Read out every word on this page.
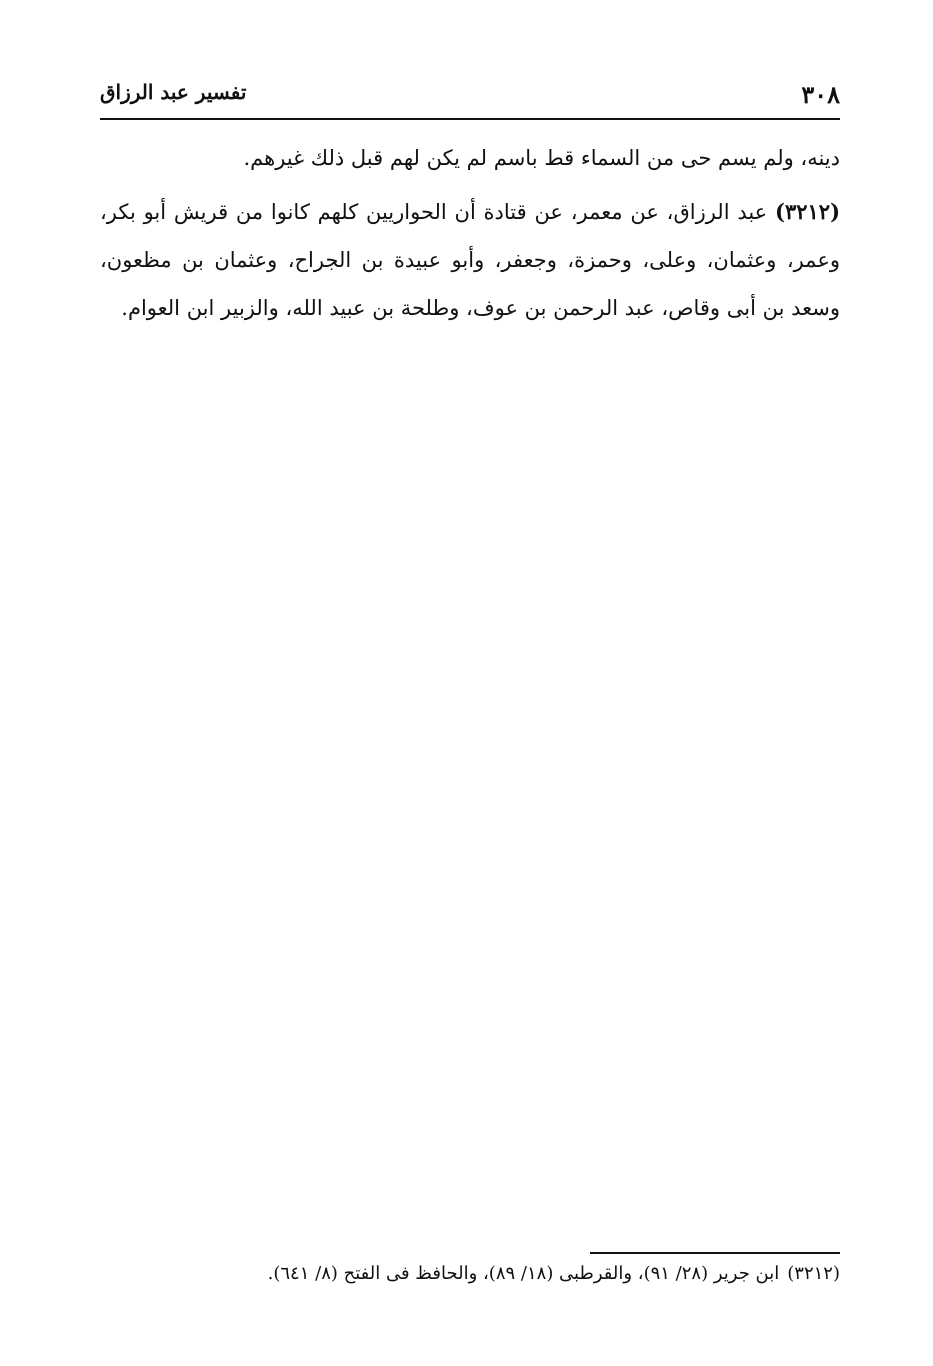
٣٠٨
تفسير عبد الرزاق

دينه، ولم يسم حى من السماء قط باسم لم يكن لهم قبل ذلك غيرهم.

(٣٢١٢) عبد الرزاق، عن معمر، عن قتادة أن الحواريين كلهم كانوا من قريش أبو بكر، وعمر، وعثمان، وعلى، وحمزة، وجعفر، وأبو عبيدة بن الجراح، وعثمان بن مظعون، وسعد بن أبى وقاص، عبد الرحمن بن عوف، وطلحة بن عبيد الله، والزبير ابن العوام.

(٣٢١٢)ابن جرير (٢٨/ ٩١)، والقرطبى (١٨/ ٨٩)، والحافظ فى الفتح (٨/ ٦٤١).
